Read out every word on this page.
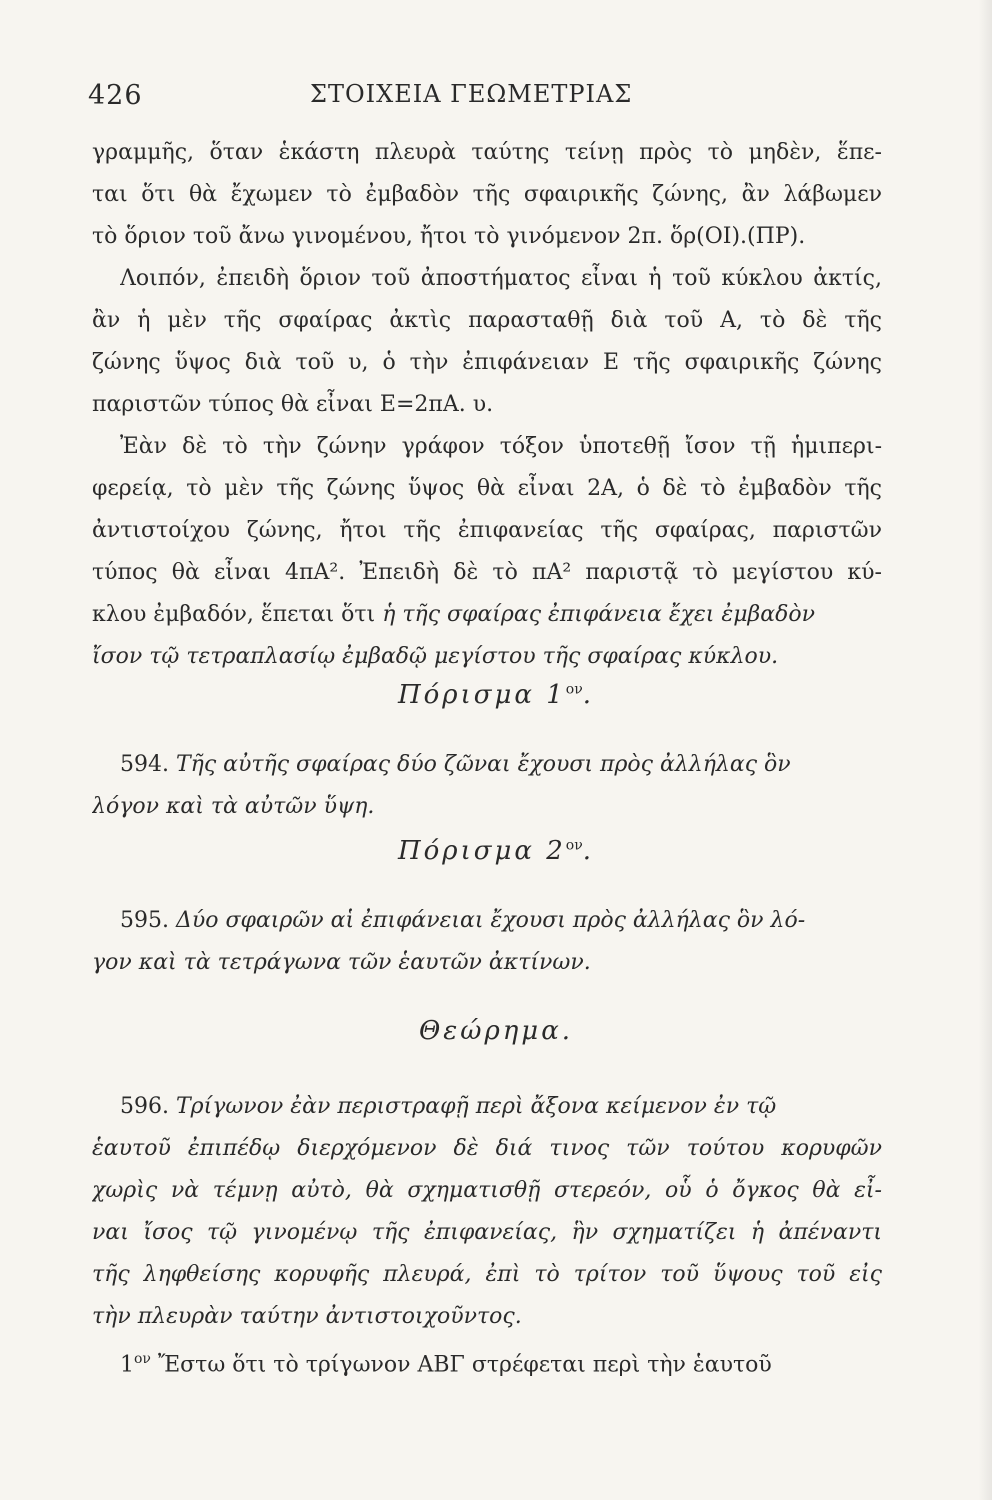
426	ΣΤΟΙΧΕΙΑ ΓΕΩΜΕΤΡΙΑΣ
γραμμῆς, ὅταν ἑκάστη πλευρὰ ταύτης τείνῃ πρὸς τὸ μηδὲν, ἕπε-
ται ὅτι θὰ ἔχωμεν τὸ ἐμβαδὸν τῆς σφαιρικῆς ζώνης, ἂν λάβωμεν
τὸ ὅριον τοῦ ἄνω γινομένου, ἤτοι τὸ γινόμενον 2π. ὅρ(ΟΙ).(ΠΡ).
Λοιπόν, ἐπειδὴ ὅριον τοῦ ἀποστήματος εἶναι ἡ τοῦ κύκλου ἀκτίς,
ἂν ἡ μὲν τῆς σφαίρας ἀκτὶς παρασταθῇ διὰ τοῦ Α, τὸ δὲ τῆς
ζώνης ὕψος διὰ τοῦ υ, ὁ τὴν ἐπιφάνειαν Ε τῆς σφαιρικῆς ζώνης
παριστῶν τύπος θὰ εἶναι Ε=2πΑ. υ.
Ἐὰν δὲ τὸ τὴν ζώνην γράφον τόξον ὑποτεθῇ ἴσον τῇ ἡμιπερι-
φερείᾳ, τὸ μὲν τῆς ζώνης ὕψος θὰ εἶναι 2Α, ὁ δὲ τὸ ἐμβαδὸν τῆς
ἀντιστοίχου ζώνης, ἤτοι τῆς ἐπιφανείας τῆς σφαίρας, παριστῶν
τύπος θὰ εἶναι 4πΑ². Ἐπειδὴ δὲ τὸ πΑ² παριστᾷ τὸ μεγίστου κύ-
κλου ἐμβαδόν, ἕπεται ὅτι ἡ τῆς σφαίρας ἐπιφάνεια ἔχει ἐμβαδὸν
ἴσον τῷ τετραπλασίῳ ἐμβαδῷ μεγίστου τῆς σφαίρας κύκλου.
Πόρισμα $1^{o\nu}$.
594. Τῆς αὐτῆς σφαίρας δύο ζῶναι ἔχουσι πρὸς ἀλλήλας ὃν
λόγον καὶ τὰ αὐτῶν ὕψη.
Πόρισμα $2^{o\nu}$.
595. Δύο σφαιρῶν αἱ ἐπιφάνειαι ἔχουσι πρὸς ἀλλήλας ὃν λό-
γον καὶ τὰ τετράγωνα τῶν ἑαυτῶν ἀκτίνων.
Θεώρημα.
596. Τρίγωνον ἐὰν περιστραφῇ περὶ ἄξονα κείμενον ἐν τῷ
ἑαυτοῦ ἐπιπέδῳ διερχόμενον δὲ διά τινος τῶν τούτου κορυφῶν
χωρὶς νὰ τέμνῃ αὐτὸ, θὰ σχηματισθῇ στερεόν, οὗ ὁ ὄγκος θὰ εἶ-
ναι ἴσος τῷ γινομένῳ τῆς ἐπιφανείας, ἣν σχηματίζει ἡ ἀπέναντι
τῆς ληφθείσης κορυφῆς πλευρά, ἐπὶ τὸ τρίτον τοῦ ὕψους τοῦ εἰς
τὴν πλευρὰν ταύτην ἀντιστοιχοῦντος.
$1^{o\nu}$ Ἔστω ὅτι τὸ τρίγωνον ΑΒΓ στρέφεται περὶ τὴν ἑαυτοῦ
